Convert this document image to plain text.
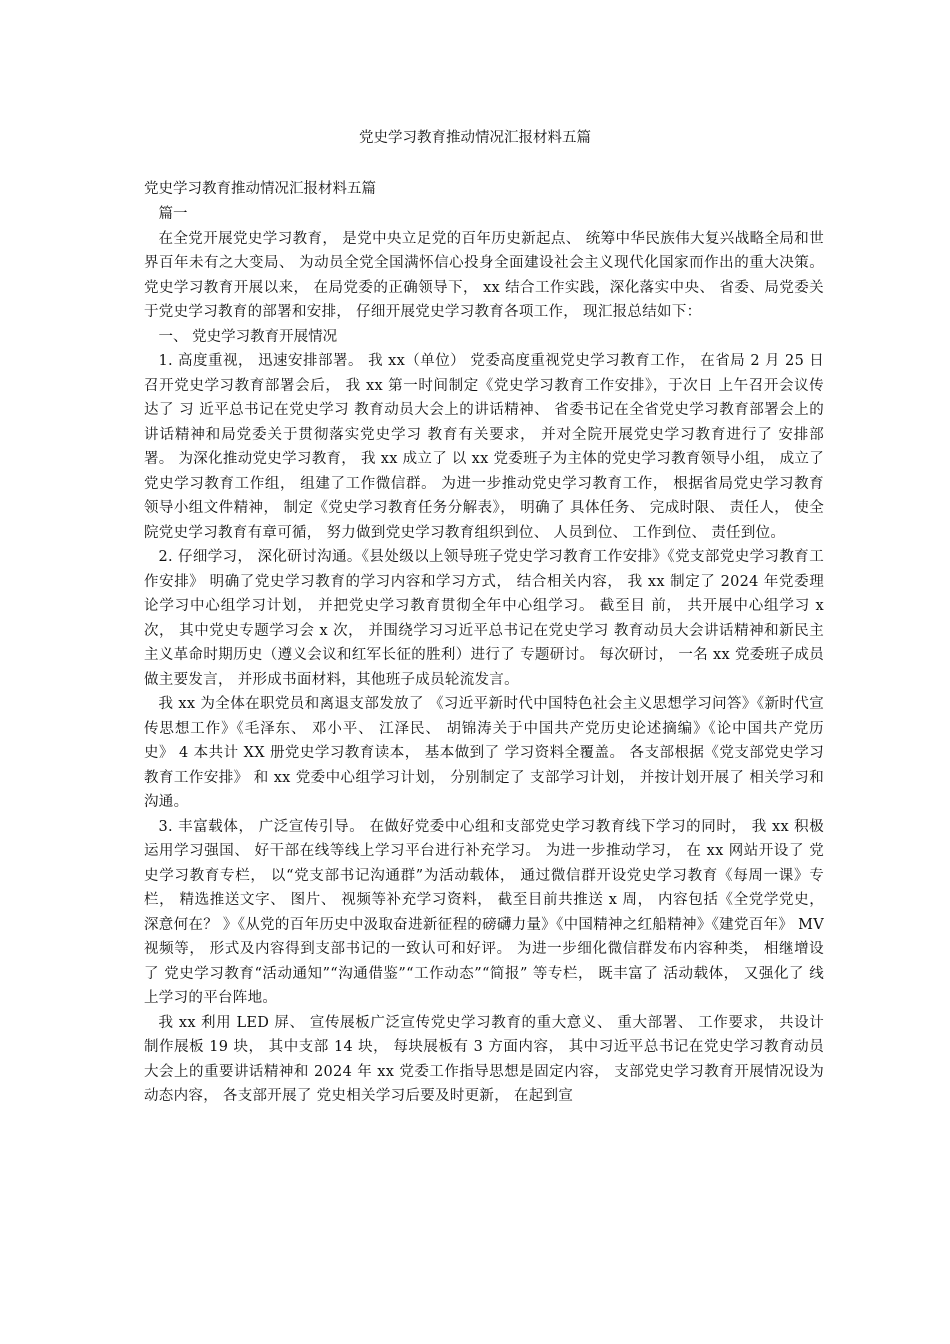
党史学习教育推动情况汇报材料五篇
党史学习教育推动情况汇报材料五篇

篇一

在全党开展党史学习教育， 是党中央立足党的百年历史新起点、 统筹中华民族伟大复兴战略全局和世界百年未有之大变局、 为动员全党全国满怀信心投身全面建设社会主义现代化国家而作出的重大决策。 党史学习教育开展以来， 在局党委的正确领导下， xx 结合工作实践，深化落实中央、 省委、局党委关于党史学习教育的部署和安排， 仔细开展党史学习教育各项工作， 现汇报总结如下：

一、 党史学习教育开展情况

1. 高度重视， 迅速安排部署。 我 xx（单位） 党委高度重视党史学习教育工作， 在省局 2 月 25 日召开党史学习教育部署会后， 我 xx 第一时间制定《党史学习教育工作安排》，于次日 上午召开会议传达了 习 近平总书记在党史学习 教育动员大会上的讲话精神、 省委书记在全省党史学习教育部署会上的讲话精神和局党委关于贯彻落实党史学习 教育有关要求， 并对全院开展党史学习教育进行了 安排部署。 为深化推动党史学习教育， 我 xx 成立了 以 xx 党委班子为主体的党史学习教育领导小组， 成立了 党史学习教育工作组， 组建了工作微信群。 为进一步推动党史学习教育工作， 根据省局党史学习教育领导小组文件精神， 制定《党史学习教育任务分解表》， 明确了 具体任务、 完成时限、 责任人， 使全院党史学习教育有章可循， 努力做到党史学习教育组织到位、 人员到位、 工作到位、 责任到位。

2. 仔细学习， 深化研讨沟通。《县处级以上领导班子党史学习教育工作安排》《党支部党史学习教育工作安排》 明确了党史学习教育的学习内容和学习方式， 结合相关内容， 我 xx 制定了 2024 年党委理论学习中心组学习计划， 并把党史学习教育贯彻全年中心组学习。 截至目 前， 共开展中心组学习 x 次， 其中党史专题学习会 x 次， 并围绕学习习近平总书记在党史学习 教育动员大会讲话精神和新民主主义革命时期历史（遵义会议和红军长征的胜利）进行了 专题研讨。 每次研讨， 一名 xx 党委班子成员做主要发言， 并形成书面材料，其他班子成员轮流发言。

我 xx 为全体在职党员和离退支部发放了 《习近平新时代中国特色社会主义思想学习问答》《新时代宣传思想工作》《毛泽东、 邓小平、 江泽民、 胡锦涛关于中国共产党历史论述摘编》《论中国共产党历史》 4 本共计 XX 册党史学习教育读本， 基本做到了 学习资料全覆盖。 各支部根据《党支部党史学习教育工作安排》 和 xx 党委中心组学习计划， 分别制定了 支部学习计划， 并按计划开展了 相关学习和沟通。

3. 丰富载体， 广泛宣传引导。 在做好党委中心组和支部党史学习教育线下学习的同时， 我 xx 积极运用学习强国、 好干部在线等线上学习平台进行补充学习。 为进一步推动学习， 在 xx 网站开设了 党史学习教育专栏， 以“党支部书记沟通群”为活动载体， 通过微信群开设党史学习教育《每周一课》专栏， 精选推送文字、 图片、 视频等补充学习资料， 截至目前共推送 x 周， 内容包括《全党学党史， 深意何在？ 》《从党的百年历史中汲取奋进新征程的磅礴力量》《中国精神之红船精神》《建党百年》 MV 视频等， 形式及内容得到支部书记的一致认可和好评。 为进一步细化微信群发布内容种类， 相继增设了 党史学习教育“活动通知”“沟通借鉴”“工作动态”“简报” 等专栏， 既丰富了 活动载体， 又强化了 线上学习的平台阵地。

我 xx 利用 LED 屏、 宣传展板广泛宣传党史学习教育的重大意义、 重大部署、 工作要求， 共设计制作展板 19 块， 其中支部 14 块， 每块展板有 3 方面内容， 其中习近平总书记在党史学习教育动员大会上的重要讲话精神和 2024 年 xx 党委工作指导思想是固定内容， 支部党史学习教育开展情况设为动态内容， 各支部开展了 党史相关学习后要及时更新， 在起到宣
